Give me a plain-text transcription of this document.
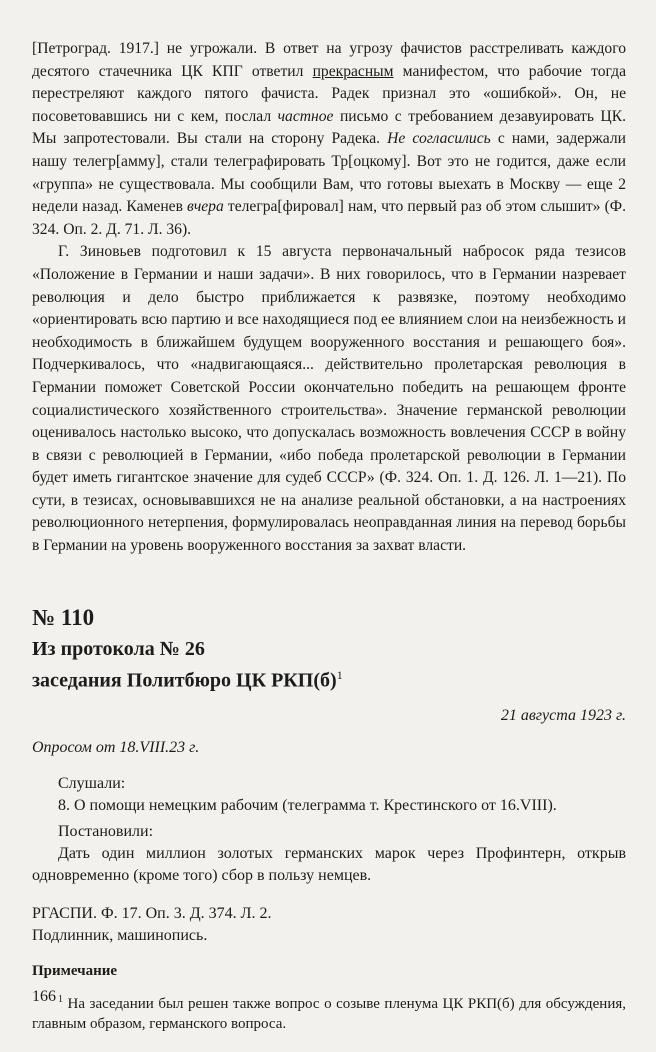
[Петроград. 1917.] не угрожали. В ответ на угрозу фачистов расстреливать каждого десятого стачечника ЦК КПГ ответил прекрасным манифестом, что рабочие тогда перестреляют каждого пятого фачиста. Радек признал это «ошибкой». Он, не посоветовавшись ни с кем, послал частное письмо с требованием дезавуировать ЦК. Мы запротестовали. Вы стали на сторону Радека. Не согласились с нами, задержали нашу телегр[амму], стали телеграфировать Тр[оцкому]. Вот это не годится, даже если «группа» не существовала. Мы сообщили Вам, что готовы выехать в Москву — еще 2 недели назад. Каменев вчера телегра[фировал] нам, что первый раз об этом слышит» (Ф. 324. Оп. 2. Д. 71. Л. 36).

Г. Зиновьев подготовил к 15 августа первоначальный набросок ряда тезисов «Положение в Германии и наши задачи». В них говорилось, что в Германии назревает революция и дело быстро приближается к развязке, поэтому необходимо «ориентировать всю партию и все находящиеся под ее влиянием слои на неизбежность и необходимость в ближайшем будущем вооруженного восстания и решающего боя». Подчеркивалось, что «надвигающаяся... действительно пролетарская революция в Германии поможет Советской России окончательно победить на решающем фронте социалистического хозяйственного строительства». Значение германской революции оценивалось настолько высоко, что допускалась возможность вовлечения СССР в войну в связи с революцией в Германии, «ибо победа пролетарской революции в Германии будет иметь гигантское значение для судеб СССР» (Ф. 324. Оп. 1. Д. 126. Л. 1—21). По сути, в тезисах, основывавшихся не на анализе реальной обстановки, а на настроениях революционного нетерпения, формулировалась неоправданная линия на перевод борьбы в Германии на уровень вооруженного восстания за захват власти.

№ 110
Из протокола № 26
заседания Политбюро ЦК $РКП(б)^1$
21 августа 1923 г.
Опросом от 18.VIII.23 г.
Слушали:

8. О помощи немецким рабочим (телеграмма т. Крестинского от 16.VIII).

Постановили:

Дать один миллион золотых германских марок через Профинтерн, открыв одновременно (кроме того) сбор в пользу немцев.

РГАСПИ. Ф. 17. Оп. 3. Д. 374. Л. 2.
Подлинник, машинопись.
Примечание

$^1$ На заседании был решен также вопрос о созыве пленума ЦК РКП(б) для обсуждения, главным образом, германского вопроса.

166
